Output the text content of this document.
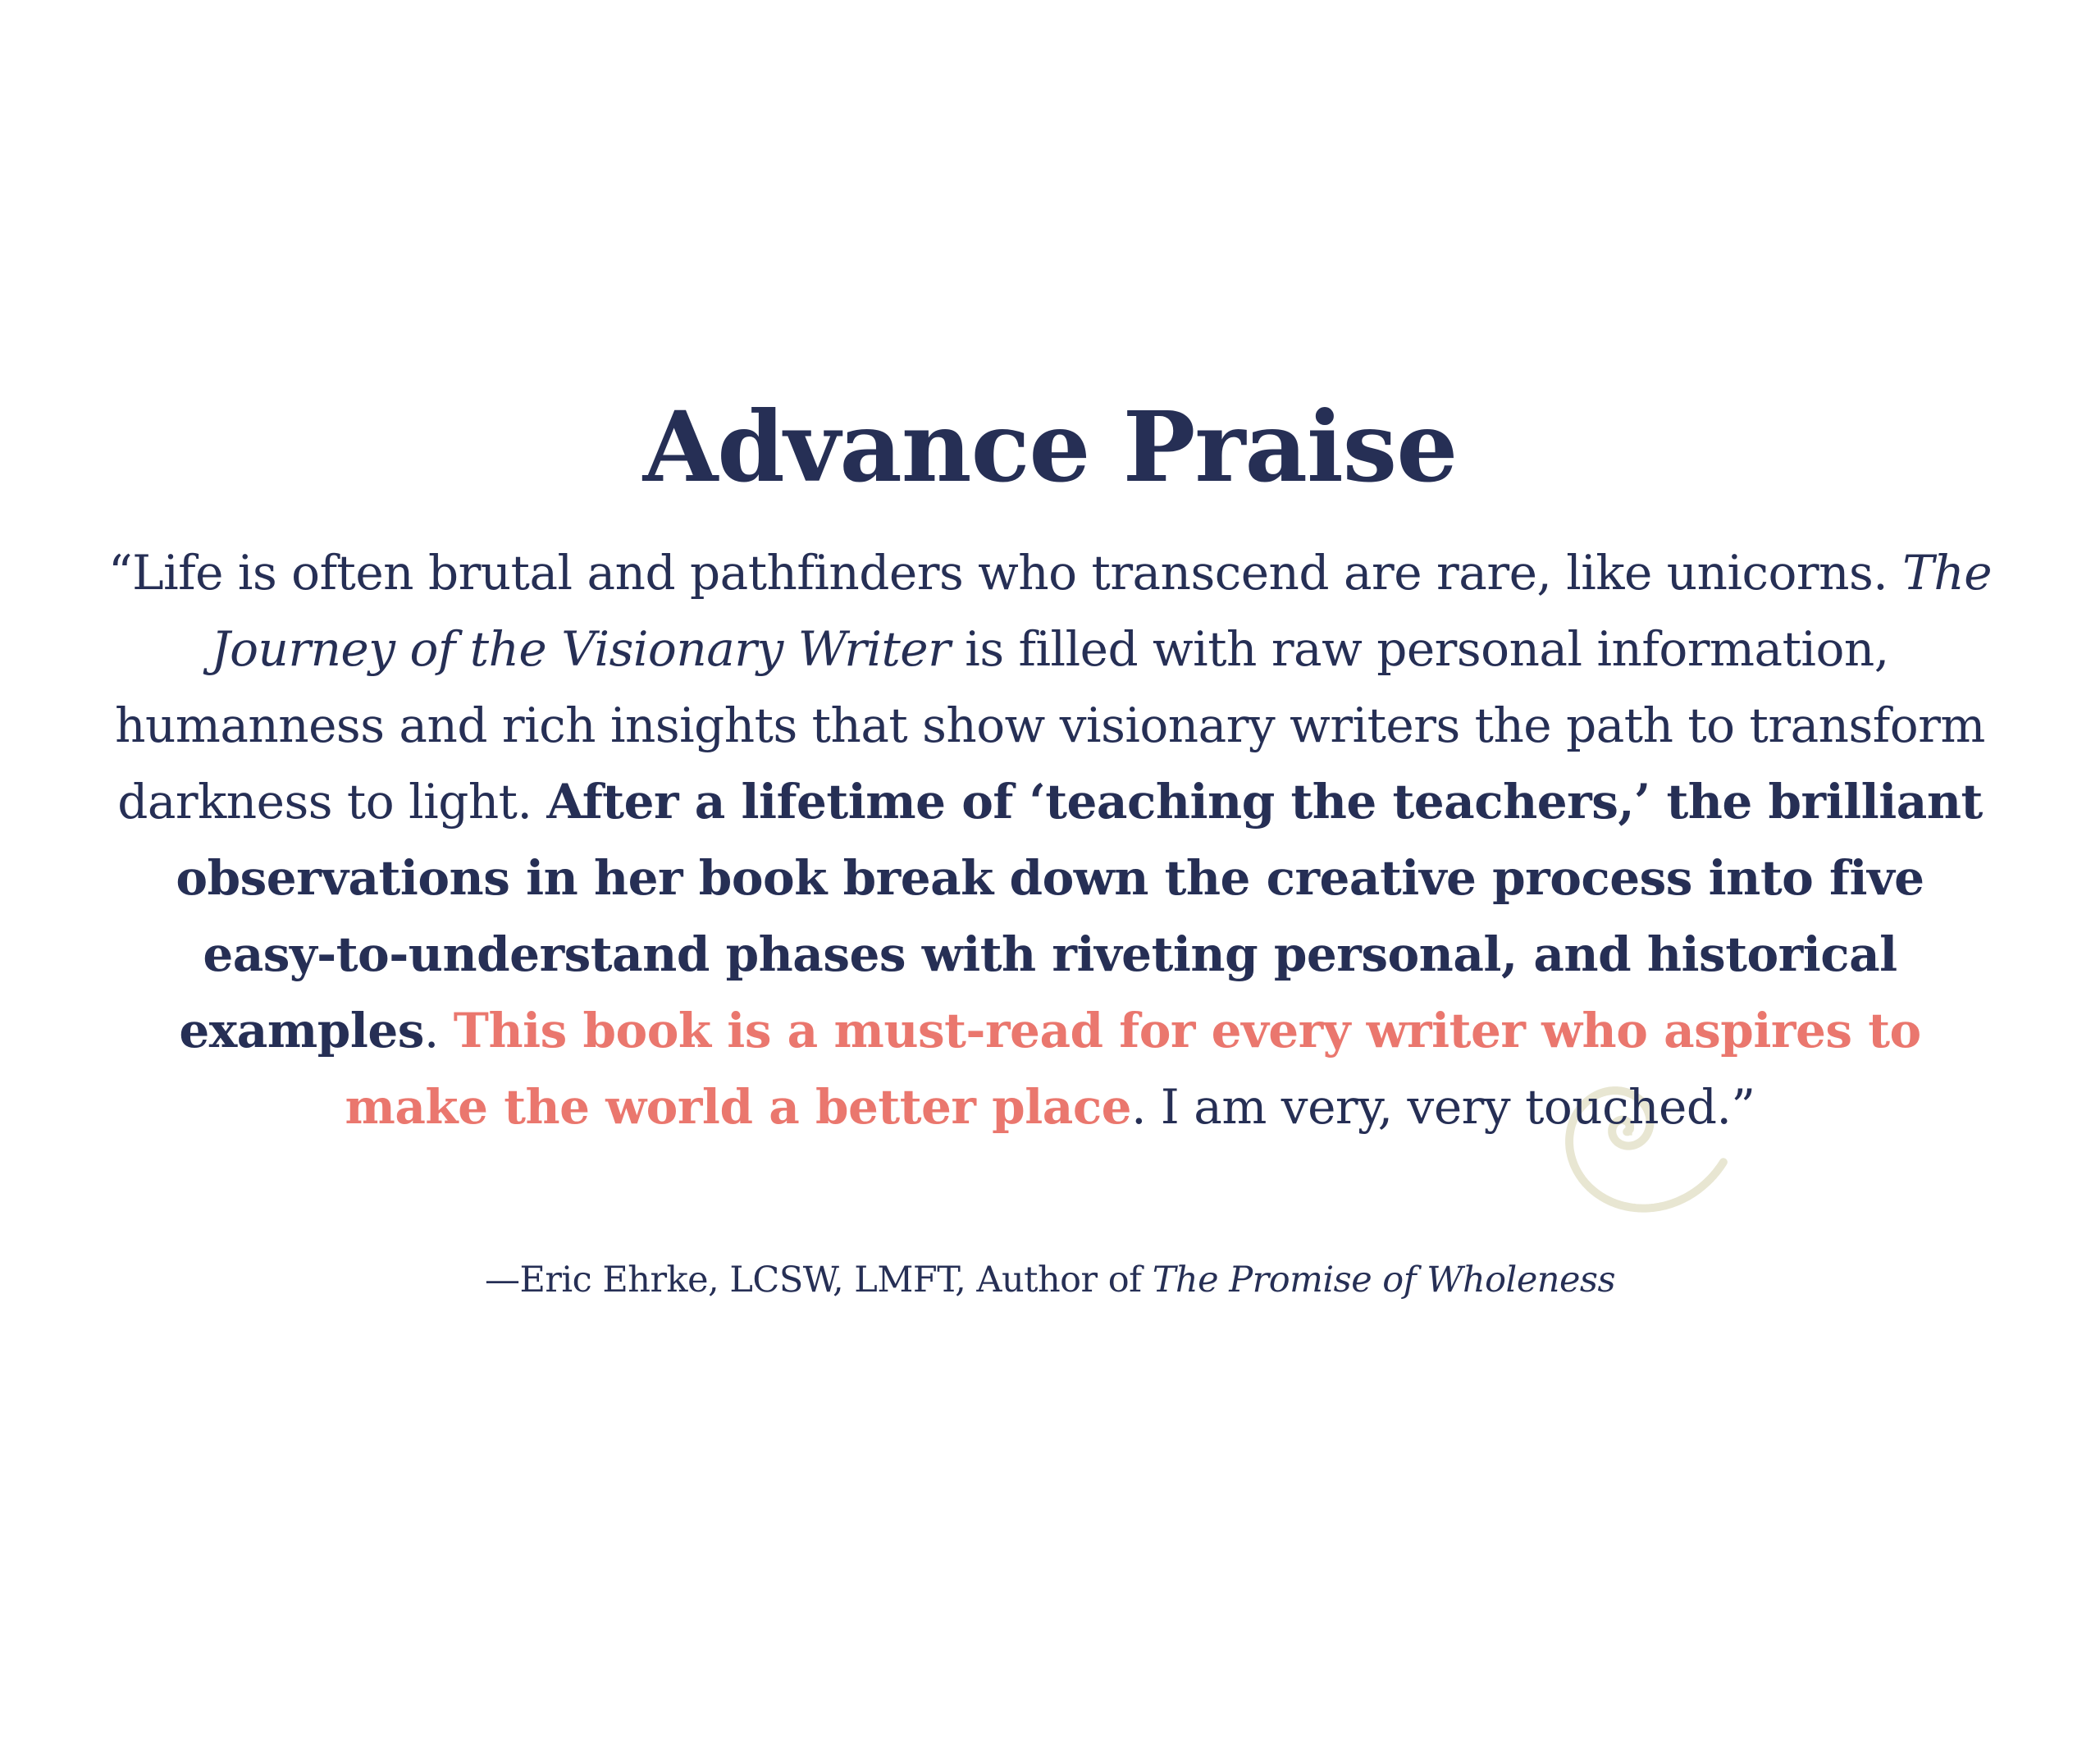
Advance Praise

“Life is often brutal and pathfinders who transcend are rare, like unicorns. The Journey of the Visionary Writer is filled with raw personal information, humanness and rich insights that show visionary writers the path to transform darkness to light. After a lifetime of ‘teaching the teachers,’ the brilliant observations in her book break down the creative process into five easy-to-understand phases with riveting personal, and historical examples. This book is a must-read for every writer who aspires to make the world a better place. I am very, very touched.”

—Eric Ehrke, LCSW, LMFT, Author of The Promise of Wholeness
